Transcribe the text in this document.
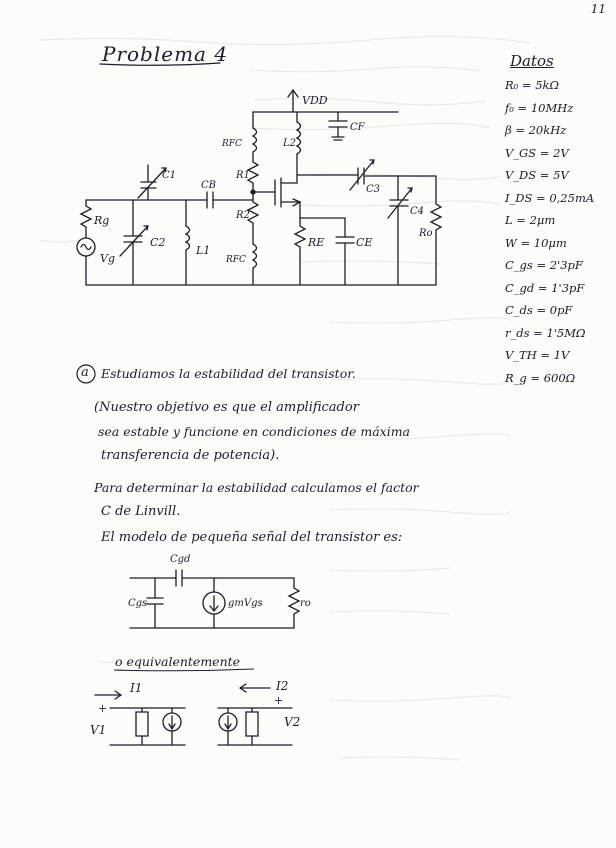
11
Problema 4	Datos
R₀ = 5kΩ
f₀ = 10MHz
β = 20kHz
V_GS = 2V
V_DS = 5V
I_DS = 0,25mA
L = 2μm
W = 10μm
C_gs = 2'3pF
C_gd = 1'3pF
C_ds = 0pF
r_ds = 1'5MΩ
V_TH = 1V
R_g = 600Ω
VDD
CF
L2
RFC
R1
C1
CB
C2
L1
Rg
Vg
R2
RFC
RE	CE
C3
C4
Ro
a Estudiamos la estabilidad del transistor.
(Nuestro objetivo es que el amplificador
sea estable y funcione en condiciones de máxima
transferencia de potencia).
Para determinar la estabilidad calculamos el factor
C de Linvill.
El modelo de pequeña señal del transistor es:
Cgd
Cgs	gmVgs	ro
o equivalentemente
I1	I2
+
V1
+
V2
